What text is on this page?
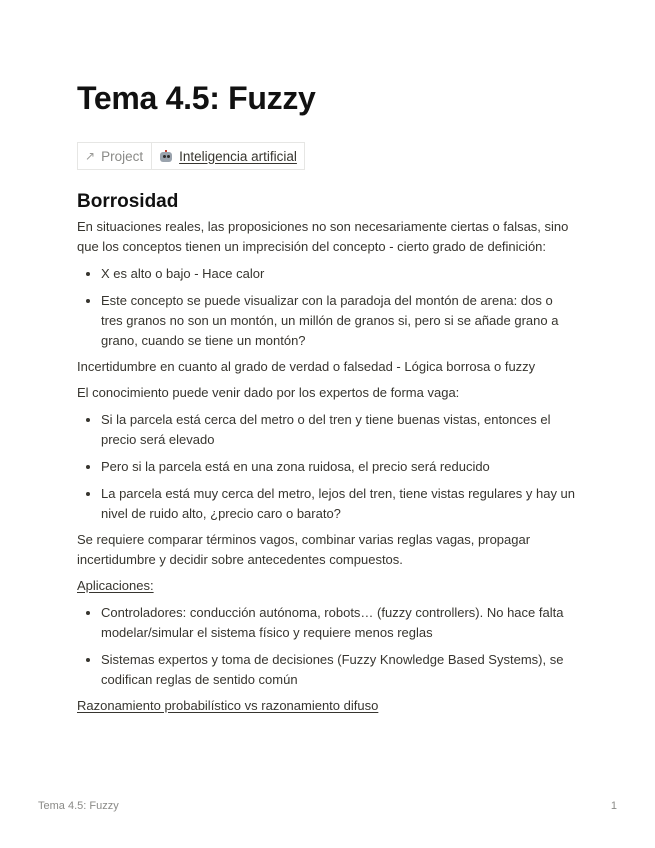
Tema 4.5: Fuzzy
↗ Project	Inteligencia artificial
Borrosidad

En situaciones reales, las proposiciones no son necesariamente ciertas o falsas, sino que los conceptos tienen un imprecisión del concepto - cierto grado de definición:

• X es alto o bajo - Hace calor
• Este concepto se puede visualizar con la paradoja del montón de arena: dos o tres granos no son un montón, un millón de granos si, pero si se añade grano a grano, cuando se tiene un montón?

Incertidumbre en cuanto al grado de verdad o falsedad - Lógica borrosa o fuzzy

El conocimiento puede venir dado por los expertos de forma vaga:

• Si la parcela está cerca del metro o del tren y tiene buenas vistas, entonces el precio será elevado
• Pero si la parcela está en una zona ruidosa, el precio será reducido
• La parcela está muy cerca del metro, lejos del tren, tiene vistas regulares y hay un nivel de ruido alto, ¿precio caro o barato?

Se requiere comparar términos vagos, combinar varias reglas vagas, propagar incertidumbre y decidir sobre antecedentes compuestos.

Aplicaciones:

• Controladores: conducción autónoma, robots… (fuzzy controllers). No hace falta modelar/simular el sistema físico y requiere menos reglas
• Sistemas expertos y toma de decisiones (Fuzzy Knowledge Based Systems), se codifican reglas de sentido común

Razonamiento probabilístico vs razonamiento difuso

Tema 4.5: Fuzzy	1
